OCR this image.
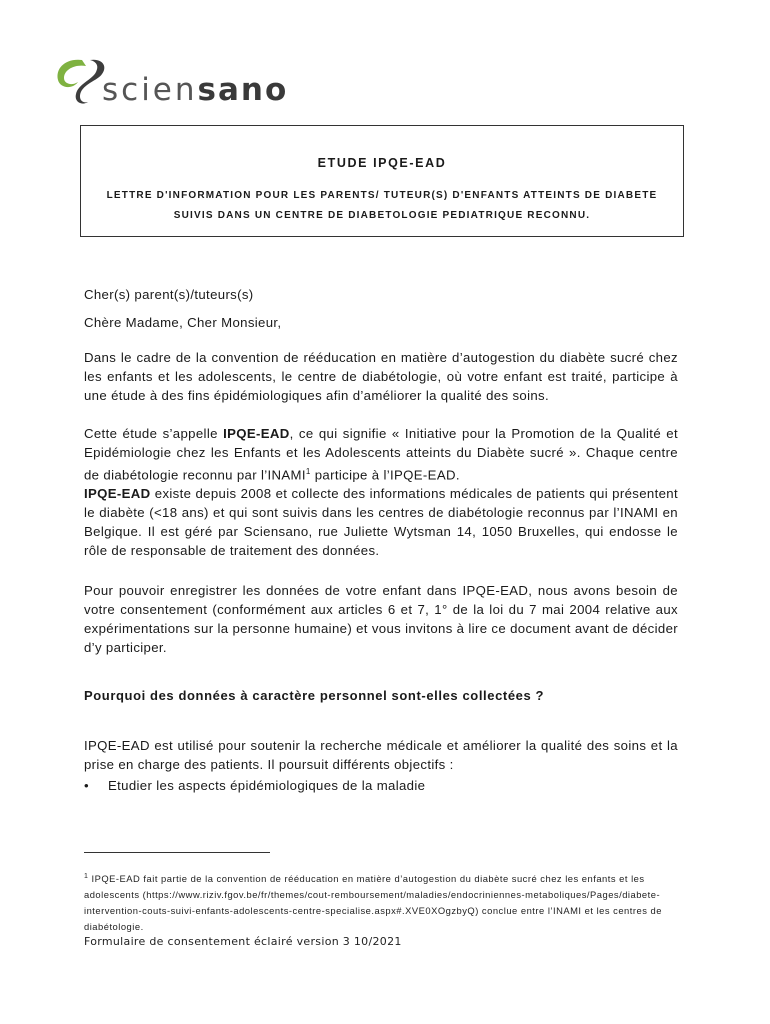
sciensano
ETUDE IPQE-EAD
LETTRE D'INFORMATION POUR LES PARENTS/ TUTEUR(S) D'ENFANTS ATTEINTS DE DIABETE SUIVIS DANS UN CENTRE DE DIABETOLOGIE PEDIATRIQUE RECONNU.
Cher(s) parent(s)/tuteurs(s)
Chère Madame, Cher Monsieur,
Dans le cadre de la convention de rééducation en matière d’autogestion du diabète sucré chez les enfants et les adolescents, le centre de diabétologie, où votre enfant est traité, participe à une étude à des fins épidémiologiques afin d’améliorer la qualité des soins.
Cette étude s’appelle IPQE-EAD, ce qui signifie « Initiative pour la Promotion de la Qualité et Epidémiologie chez les Enfants et les Adolescents atteints du Diabète sucré ». Chaque centre de diabétologie reconnu par l’INAMI$^1$ participe à l’IPQE-EAD.
IPQE-EAD existe depuis 2008 et collecte des informations médicales de patients qui présentent le diabète (<18 ans) et qui sont suivis dans les centres de diabétologie reconnus par l’INAMI en Belgique. Il est géré par Sciensano, rue Juliette Wytsman 14, 1050 Bruxelles, qui endosse le rôle de responsable de traitement des données.
Pour pouvoir enregistrer les données de votre enfant dans IPQE-EAD, nous avons besoin de votre consentement (conformément aux articles 6 et 7, 1° de la loi du 7 mai 2004 relative aux expérimentations sur la personne humaine) et vous invitons à lire ce document avant de décider d’y participer.
Pourquoi des données à caractère personnel sont-elles collectées ?
IPQE-EAD est utilisé pour soutenir la recherche médicale et améliorer la qualité des soins et la prise en charge des patients. Il poursuit différents objectifs :
• Etudier les aspects épidémiologiques de la maladie
$^1$ IPQE-EAD fait partie de la convention de rééducation en matière d’autogestion du diabète sucré chez les enfants et les adolescents (https://www.riziv.fgov.be/fr/themes/cout-remboursement/maladies/endocriniennes-metaboliques/Pages/diabete-intervention-couts-suivi-enfants-adolescents-centre-specialise.aspx#.XVE0XOgzbyQ) conclue entre l’INAMI et les centres de diabétologie.
Formulaire de consentement éclairé version 3 10/2021
